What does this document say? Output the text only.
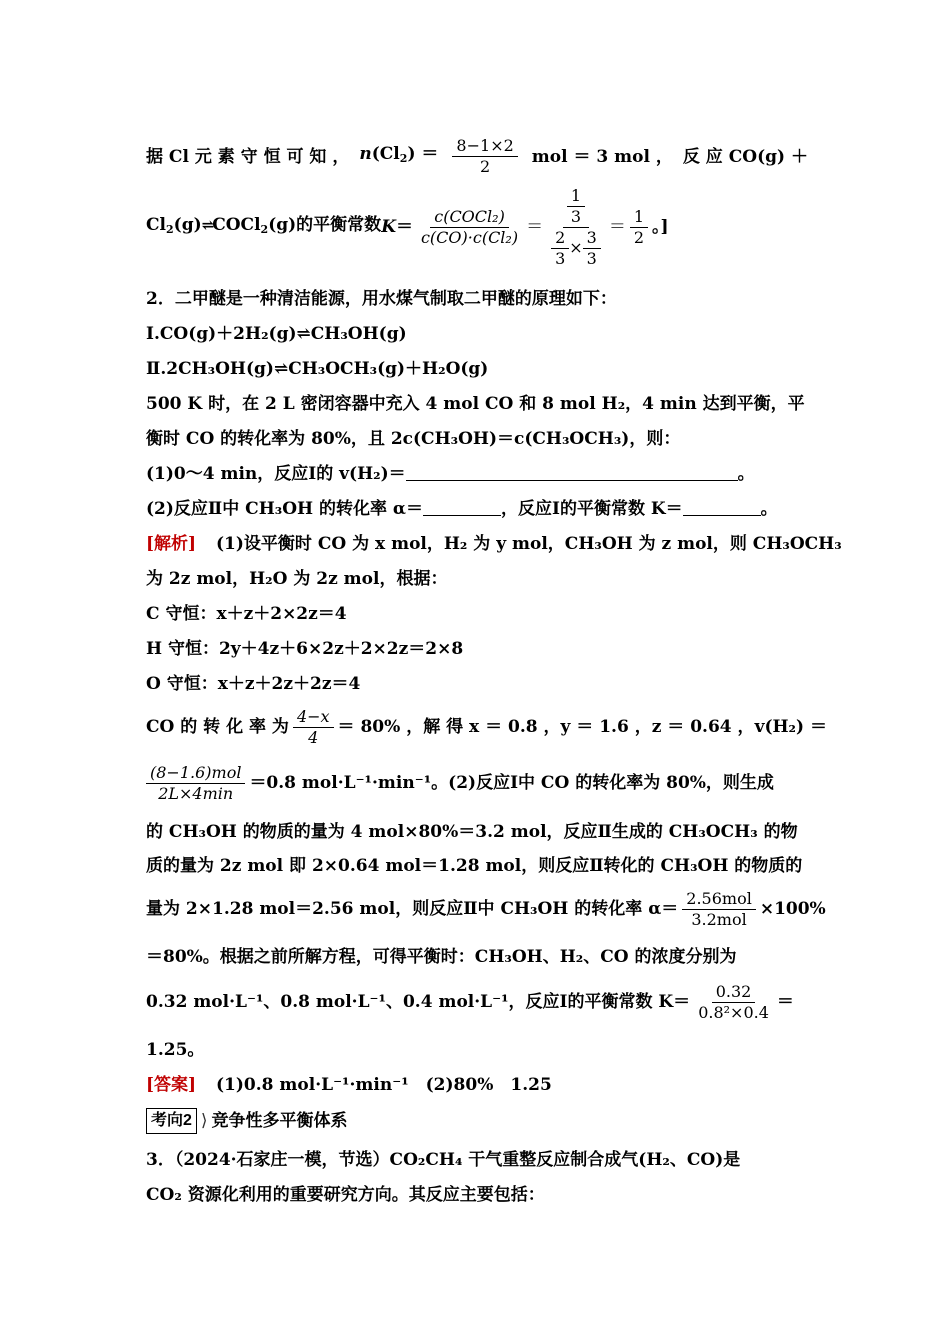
据 Cl 元 素 守 恒 可 知 ， $n(Cl_2) = \frac{8-1\times 2}{2}$ mol ＝ 3 mol ， 反 应 CO(g) ＋
$Cl_2(g)\rightleftharpoons COCl_2(g)$的平衡常数 $K = \frac{\text{c(COCl₂)}}{\text{c(CO)·c(Cl₂)}} = \frac{\frac{1}{3}}{\frac{2}{3} \times \frac{3}{3}} = \frac{1}{2}$ 。]
2．二甲醚是一种清洁能源，用水煤气制取二甲醚的原理如下：
Ⅰ.CO(g)＋2H₂(g)⇌CH₃OH(g)
Ⅱ.2CH₃OH(g)⇌CH₃OCH₃(g)＋H₂O(g)
500 K 时，在 2 L 密闭容器中充入 4 mol CO 和 8 mol H₂，4 min 达到平衡，平
衡时 CO 的转化率为 80%，且 2c(CH₃OH)＝c(CH₃OCH₃)，则：
(1)0～4 min，反应Ⅰ的 v(H₂)＝	。
(2)反应Ⅱ中 CH₃OH 的转化率 α＝	，反应Ⅰ的平衡常数 K＝	。
[解析] (1)设平衡时 CO 为 x mol，H₂ 为 y mol，CH₃OH 为 z mol，则 CH₃OCH₃
为 2z mol，H₂O 为 2z mol，根据：
C 守恒：x＋z＋2×2z＝4
H 守恒：2y＋4z＋6×2z＋2×2z＝2×8
O 守恒：x＋z＋2z＋2z＝4
CO 的 转 化 率 为 $\frac{4-x}{4} = 80\%$ ， 解 得 x ＝ 0.8 ， y ＝ 1.6 ， z ＝ 0.64 ， v(H₂) ＝
$\frac{\text{(8−1.6)mol}}{2L\times 4\min} =0.8$ mol·L⁻¹·min⁻¹。(2)反应Ⅰ中 CO 的转化率为 80%，则生成
的 CH₃OH 的物质的量为 4 mol×80%＝3.2 mol，反应Ⅱ生成的 CH₃OCH₃ 的物
质的量为 2z mol 即 2×0.64 mol＝1.28 mol，则反应Ⅱ转化的 CH₃OH 的物质的
量为 2×1.28 mol＝2.56 mol，则反应Ⅱ中 CH₃OH 的转化率 $\alpha= \frac{\text{2.56mol}}{\text{3.2mol}} \times 100\%$
＝80%。根据之前所解方程，可得平衡时：CH₃OH、H₂、CO 的浓度分别为
0.32 mol·L⁻¹、0.8 mol·L⁻¹、0.4 mol·L⁻¹，反应Ⅰ的平衡常数 $K= \frac{0.32}{\text{0.8²×0.4}}$ ＝
1.25。
[答案] (1)0.8 mol·L⁻¹·min⁻¹　(2)80%　1.25
考向2 ⟩ 竞争性多平衡体系
3．（2024·石家庄一模，节选）CO₂CH₄ 干气重整反应制合成气(H₂、CO)是
CO₂ 资源化利用的重要研究方向。其反应主要包括：
